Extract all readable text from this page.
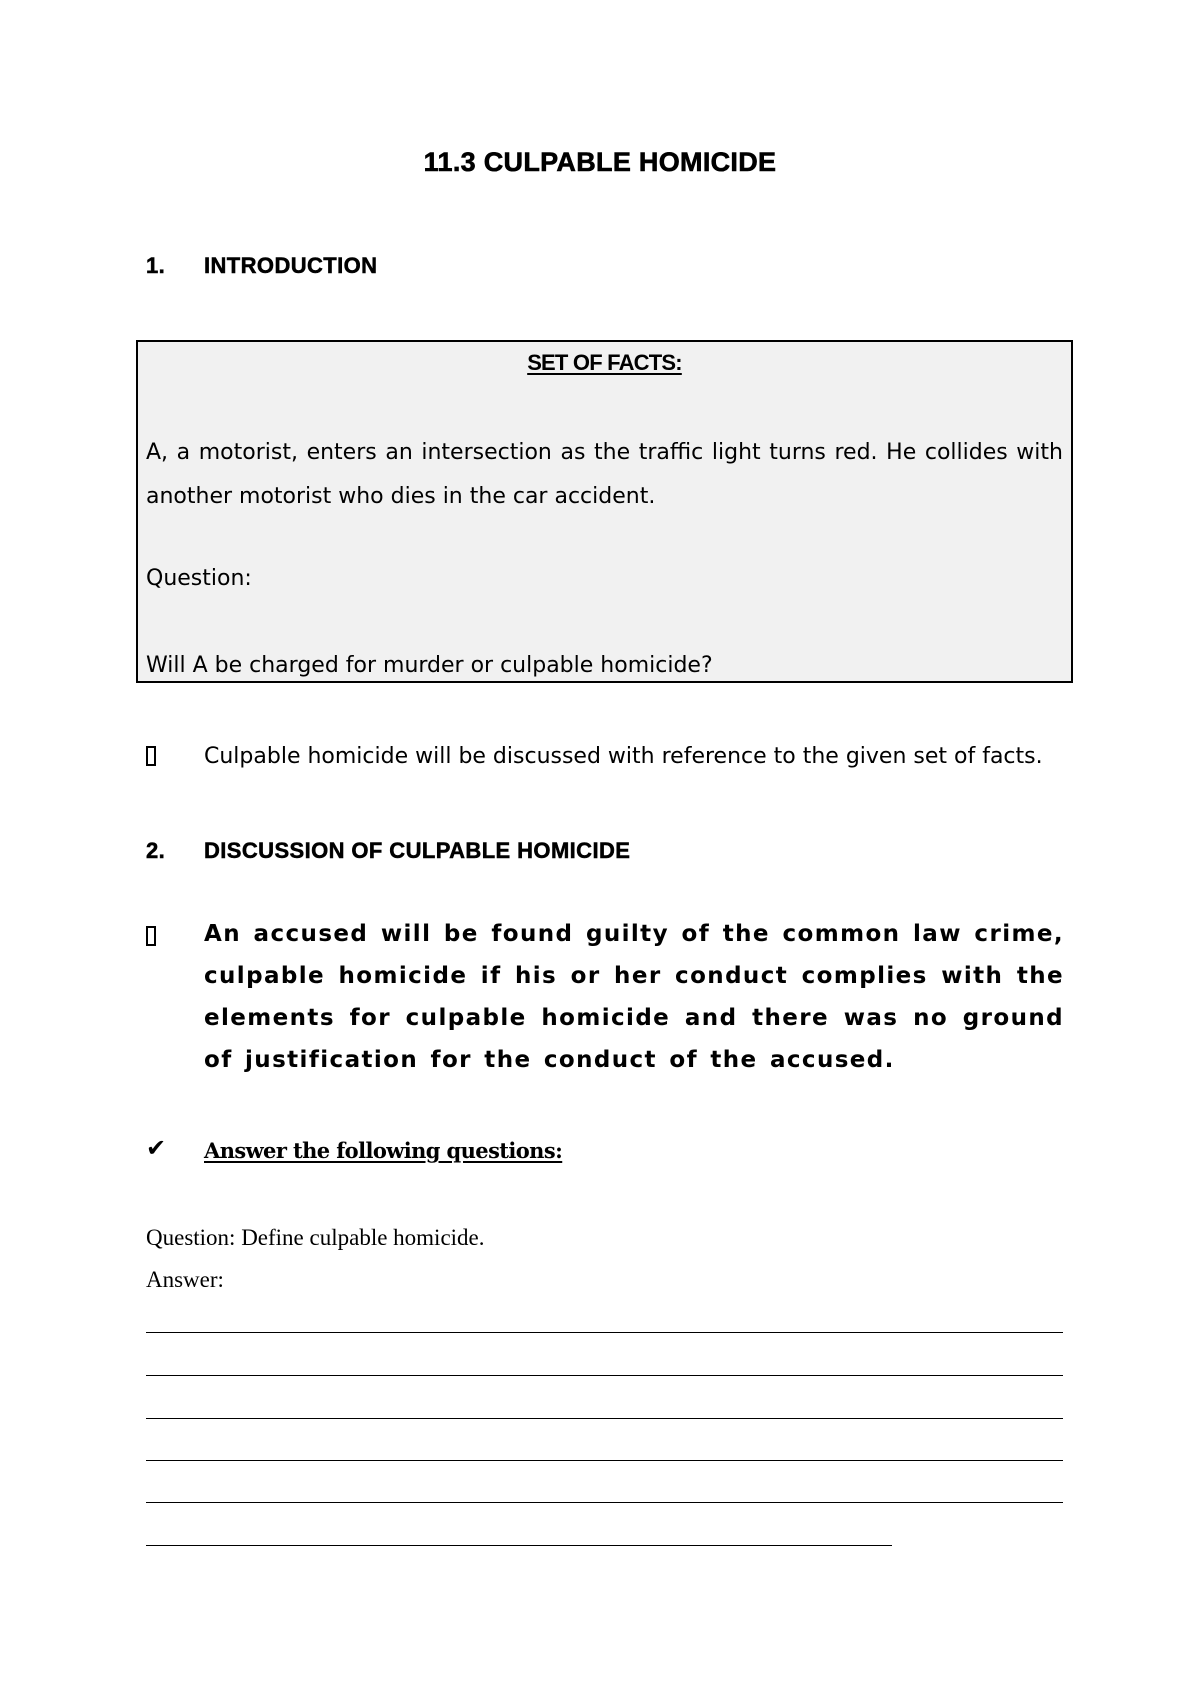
11.3 CULPABLE HOMICIDE
1. INTRODUCTION
SET OF FACTS:
A, a motorist, enters an intersection as the traffic light turns red. He collides with another motorist who dies in the car accident.
Question:
Will A be charged for murder or culpable homicide?
Culpable homicide will be discussed with reference to the given set of facts.
2. DISCUSSION OF CULPABLE HOMICIDE
An accused will be found guilty of the common law crime, culpable homicide if his or her conduct complies with the elements for culpable homicide and there was no ground of justification for the conduct of the accused.
✔ Answer the following questions:
Question: Define culpable homicide.
Answer:
